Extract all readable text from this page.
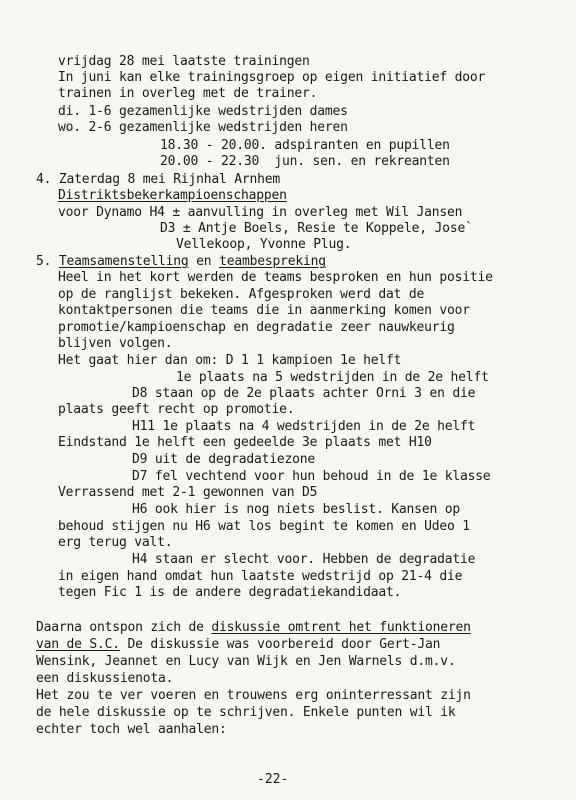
vrijdag 28 mei laatste trainingen
In juni kan elke trainingsgroep op eigen initiatief door
trainen in overleg met de trainer.
di. 1-6 gezamenlijke wedstrijden dames
wo. 2-6 gezamenlijke wedstrijden heren
18.30 - 20.00. adspiranten en pupillen
20.00 - 22.30  jun. sen. en rekreanten
4. Zaterdag 8 mei Rijnhal Arnhem
Distriktsbekerkampioenschappen
voor Dynamo H4 ± aanvulling in overleg met Wil Jansen
D3 ± Antje Boels, Resie te Koppele, Jose`
Vellekoop, Yvonne Plug.
5. Teamsamenstelling en teambespreking
Heel in het kort werden de teams besproken en hun positie
op de ranglijst bekeken. Afgesproken werd dat de
kontaktpersonen die teams die in aanmerking komen voor
promotie/kampioenschap en degradatie zeer nauwkeurig
blijven volgen.
Het gaat hier dan om: D 1 1 kampioen 1e helft
1e plaats na 5 wedstrijden in de 2e helft
D8 staan op de 2e plaats achter Orni 3 en die
plaats geeft recht op promotie.
H11 1e plaats na 4 wedstrijden in de 2e helft
Eindstand 1e helft een gedeelde 3e plaats met H10
D9 uit de degradatiezone
D7 fel vechtend voor hun behoud in de 1e klasse
Verrassend met 2-1 gewonnen van D5
H6 ook hier is nog niets beslist. Kansen op
behoud stijgen nu H6 wat los begint te komen en Udeo 1
erg terug valt.
H4 staan er slecht voor. Hebben de degradatie
in eigen hand omdat hun laatste wedstrijd op 21-4 die
tegen Fic 1 is de andere degradatiekandidaat.
Daarna ontspon zich de diskussie omtrent het funktioneren
van de S.C. De diskussie was voorbereid door Gert-Jan
Wensink, Jeannet en Lucy van Wijk en Jen Warnels d.m.v.
een diskussienota.
Het zou te ver voeren en trouwens erg oninterressant zijn
de hele diskussie op te schrijven. Enkele punten wil ik
echter toch wel aanhalen:
-22-
